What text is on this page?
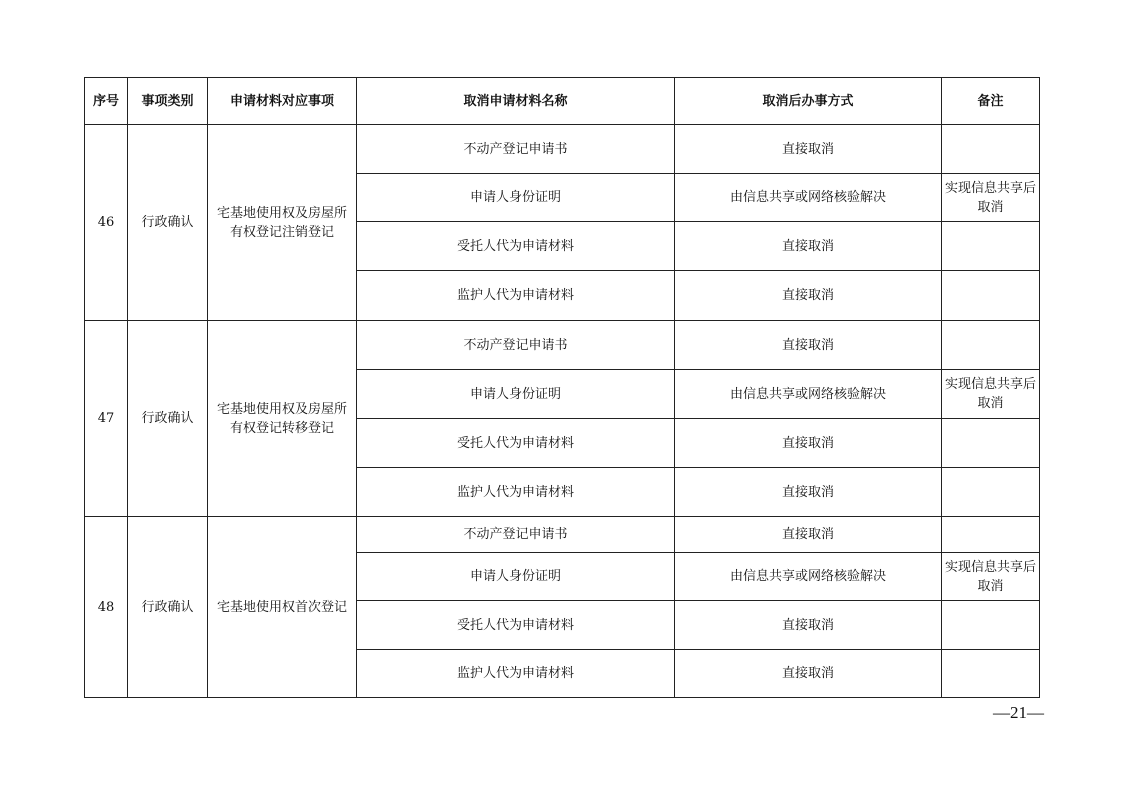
序号	事项类别	申请材料对应事项	取消申请材料名称	取消后办事方式	备注
46	行政确认	宅基地使用权及房屋所有权登记注销登记	不动产登记申请书	直接取消	
			申请人身份证明	由信息共享或网络核验解决	实现信息共享后取消
			受托人代为申请材料	直接取消	
			监护人代为申请材料	直接取消	
47	行政确认	宅基地使用权及房屋所有权登记转移登记	不动产登记申请书	直接取消	
			申请人身份证明	由信息共享或网络核验解决	实现信息共享后取消
			受托人代为申请材料	直接取消	
			监护人代为申请材料	直接取消	
48	行政确认	宅基地使用权首次登记	不动产登记申请书	直接取消	
			申请人身份证明	由信息共享或网络核验解决	实现信息共享后取消
			受托人代为申请材料	直接取消	
			监护人代为申请材料	直接取消	
—21—
